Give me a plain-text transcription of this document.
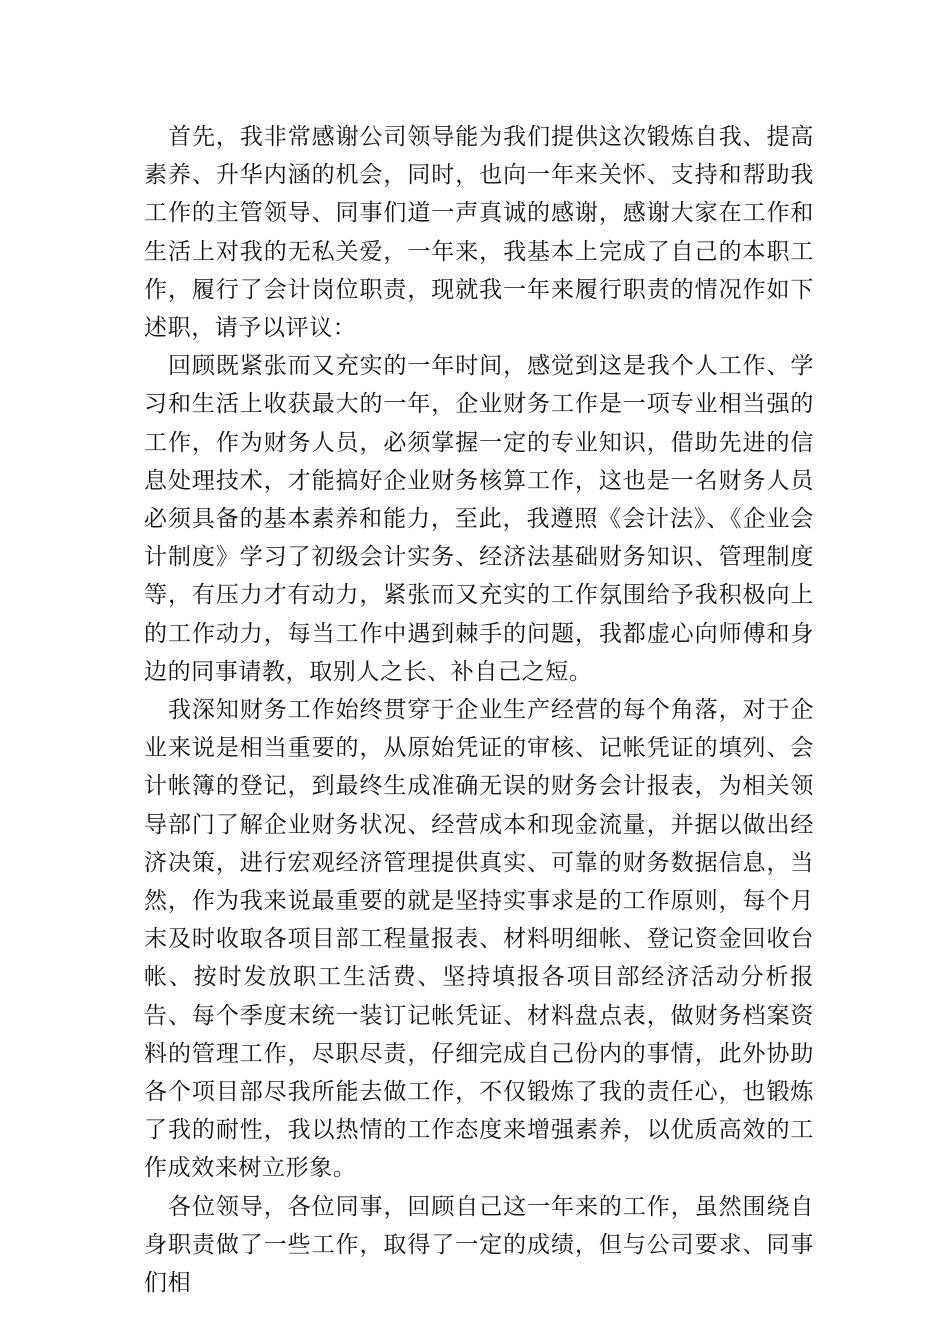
首先，我非常感谢公司领导能为我们提供这次锻炼自我、提高素养、升华内涵的机会，同时，也向一年来关怀、支持和帮助我工作的主管领导、同事们道一声真诚的感谢，感谢大家在工作和生活上对我的无私关爱，一年来，我基本上完成了自己的本职工作，履行了会计岗位职责，现就我一年来履行职责的情况作如下述职，请予以评议：

回顾既紧张而又充实的一年时间，感觉到这是我个人工作、学习和生活上收获最大的一年，企业财务工作是一项专业相当强的工作，作为财务人员，必须掌握一定的专业知识，借助先进的信息处理技术，才能搞好企业财务核算工作，这也是一名财务人员必须具备的基本素养和能力，至此，我遵照《会计法》、《企业会计制度》学习了初级会计实务、经济法基础财务知识、管理制度等，有压力才有动力，紧张而又充实的工作氛围给予我积极向上的工作动力，每当工作中遇到棘手的问题，我都虚心向师傅和身边的同事请教，取别人之长、补自己之短。

我深知财务工作始终贯穿于企业生产经营的每个角落，对于企业来说是相当重要的，从原始凭证的审核、记帐凭证的填列、会计帐簿的登记，到最终生成准确无误的财务会计报表，为相关领导部门了解企业财务状况、经营成本和现金流量，并据以做出经济决策，进行宏观经济管理提供真实、可靠的财务数据信息，当然，作为我来说最重要的就是坚持实事求是的工作原则，每个月末及时收取各项目部工程量报表、材料明细帐、登记资金回收台帐、按时发放职工生活费、坚持填报各项目部经济活动分析报告、每个季度末统一装订记帐凭证、材料盘点表，做财务档案资料的管理工作，尽职尽责，仔细完成自己份内的事情，此外协助各个项目部尽我所能去做工作，不仅锻炼了我的责任心，也锻炼了我的耐性，我以热情的工作态度来增强素养，以优质高效的工作成效来树立形象。

各位领导，各位同事，回顾自己这一年来的工作，虽然围绕自身职责做了一些工作，取得了一定的成绩，但与公司要求、同事们相
